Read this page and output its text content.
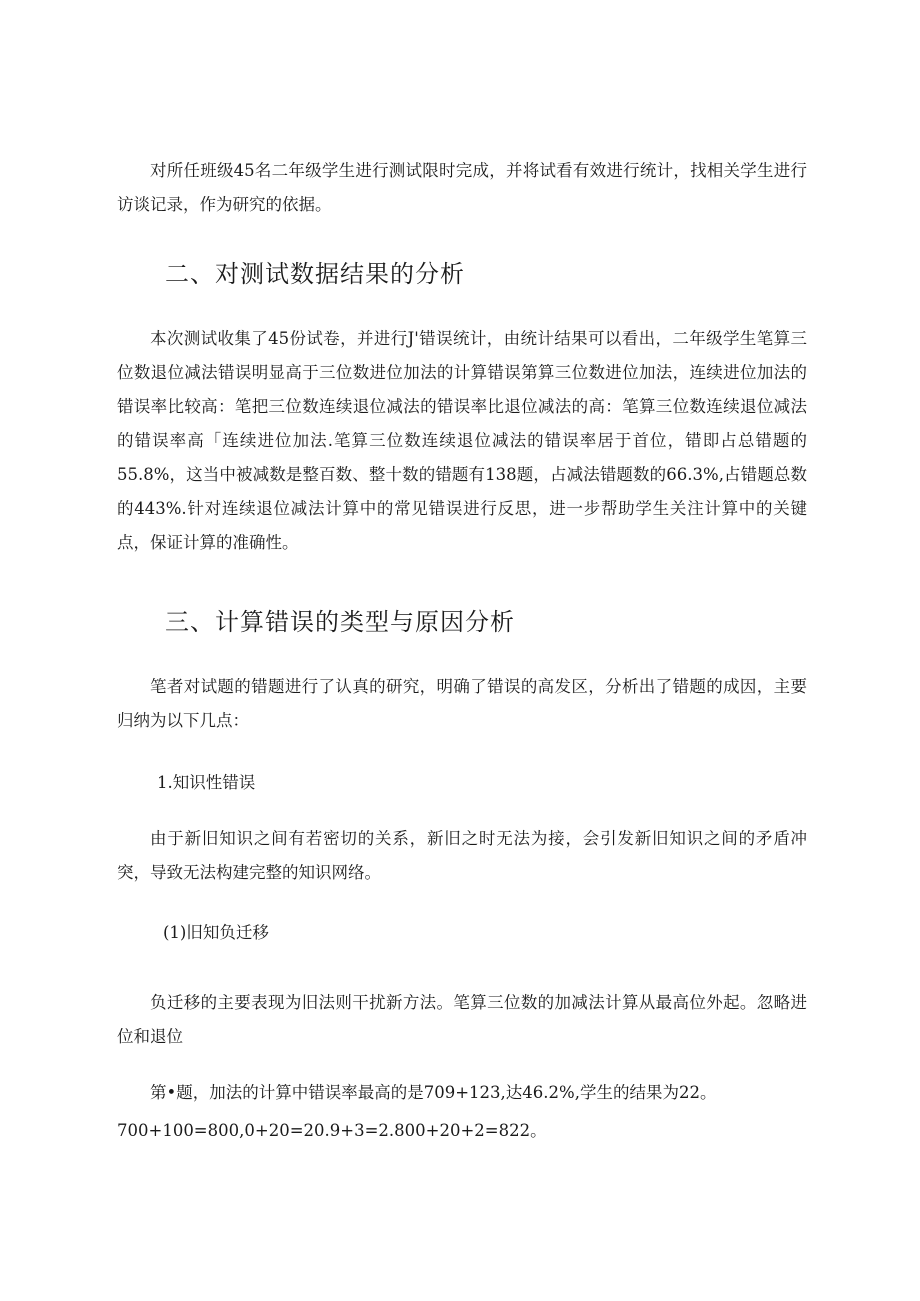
对所任班级45名二年级学生进行测试限时完成，并将试看有效进行统计，找相关学生进行访谈记录，作为研究的依据。

二、对测试数据结果的分析

本次测试收集了45份试卷，并进行J'错误统计，由统计结果可以看出，二年级学生笔算三位数退位减法错误明显高于三位数进位加法的计算错误第算三位数进位加法，连续进位加法的错误率比较高：笔把三位数连续退位减法的错误率比退位减法的高：笔算三位数连续退位减法的错误率高「连续进位加法.笔算三位数连续退位减法的错误率居于首位，错即占总错题的55.8%，这当中被减数是整百数、整十数的错题有138题，占减法错题数的66.3%,占错题总数的443%.针对连续退位减法计算中的常见错误进行反思，进一步帮助学生关注计算中的关键点，保证计算的准确性。

三、计算错误的类型与原因分析

笔者对试题的错题进行了认真的研究，明确了错误的高发区，分析出了错题的成因，主要归纳为以下几点：

1.知识性错误

由于新旧知识之间有若密切的关系，新旧之时无法为接，会引发新旧知识之间的矛盾冲突，导致无法构建完整的知识网络。

(1)旧知负迁移

负迁移的主要表现为旧法则干扰新方法。笔算三位数的加减法计算从最高位外起。忽略进位和退位

第•题，加法的计算中错误率最高的是709+123,达46.2%,学生的结果为22。

700+100=800,0+20=20.9+3=2.800+20+2=822。
